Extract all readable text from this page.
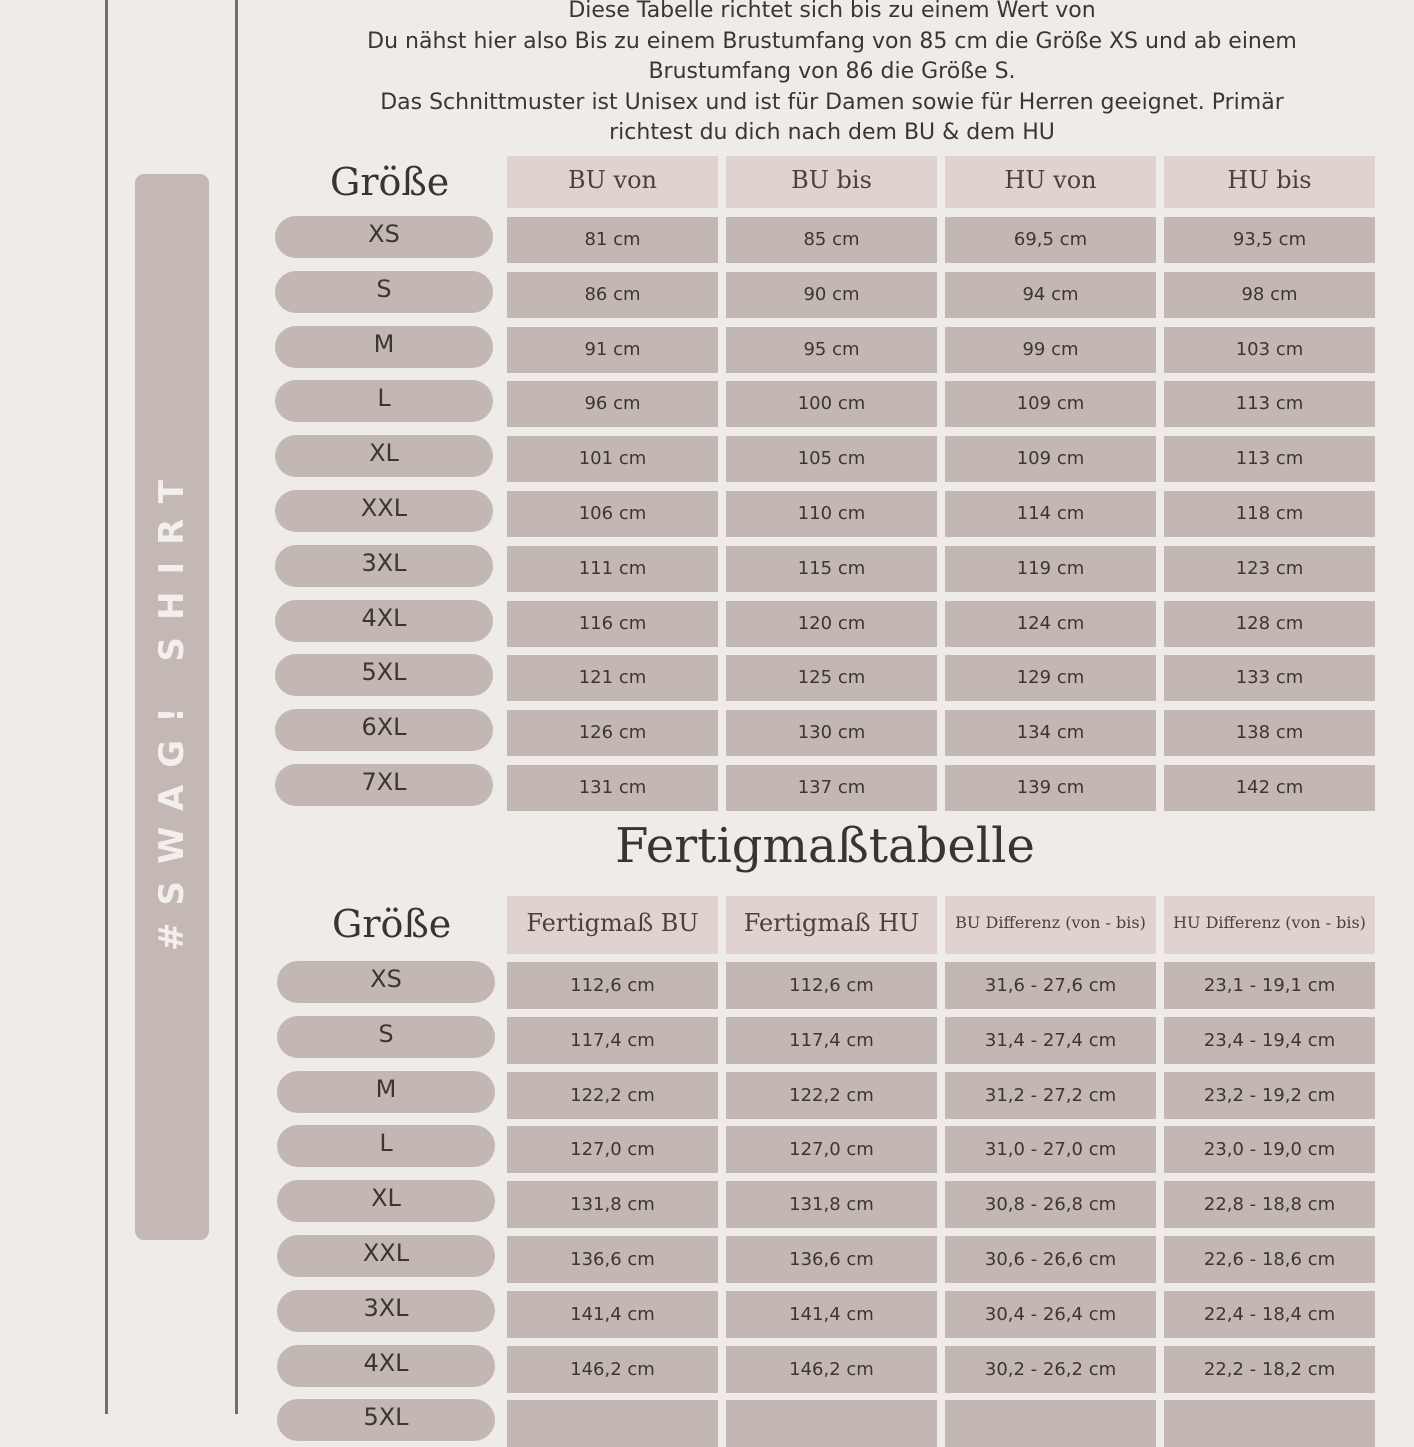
#SWAG! SHIRT
Diese Tabelle richtet sich bis zu einem Wert von
Du nähst hier also Bis zu einem Brustumfang von 85 cm die Größe XS und ab einem
Brustumfang von 86 die Größe S.
Das Schnittmuster ist Unisex und ist für Damen sowie für Herren geeignet. Primär
richtest du dich nach dem BU & dem HU
Größe
Größe
Fertigmaßtabelle
BU von	BU bis	HU von	HU bis
XS	81 cm	85 cm	69,5 cm	93,5 cm
S	86 cm	90 cm	94 cm	98 cm
M	91 cm	95 cm	99 cm	103 cm
L	96 cm	100 cm	109 cm	113 cm
XL	101 cm	105 cm	109 cm	113 cm
XXL	106 cm	110 cm	114 cm	118 cm
3XL	111 cm	115 cm	119 cm	123 cm
4XL	116 cm	120 cm	124 cm	128 cm
5XL	121 cm	125 cm	129 cm	133 cm
6XL	126 cm	130 cm	134 cm	138 cm
7XL	131 cm	137 cm	139 cm	142 cm
Fertigmaß BU	Fertigmaß HU	BU Differenz (von - bis)	HU Differenz (von - bis)
XS	112,6 cm	112,6 cm	31,6 - 27,6 cm	23,1 - 19,1 cm
S	117,4 cm	117,4 cm	31,4 - 27,4 cm	23,4 - 19,4 cm
M	122,2 cm	122,2 cm	31,2 - 27,2 cm	23,2 - 19,2 cm
L	127,0 cm	127,0 cm	31,0 - 27,0 cm	23,0 - 19,0 cm
XL	131,8 cm	131,8 cm	30,8 - 26,8 cm	22,8 - 18,8 cm
XXL	136,6 cm	136,6 cm	30,6 - 26,6 cm	22,6 - 18,6 cm
3XL	141,4 cm	141,4 cm	30,4 - 26,4 cm	22,4 - 18,4 cm
4XL	146,2 cm	146,2 cm	30,2 - 26,2 cm	22,2 - 18,2 cm
5XL
